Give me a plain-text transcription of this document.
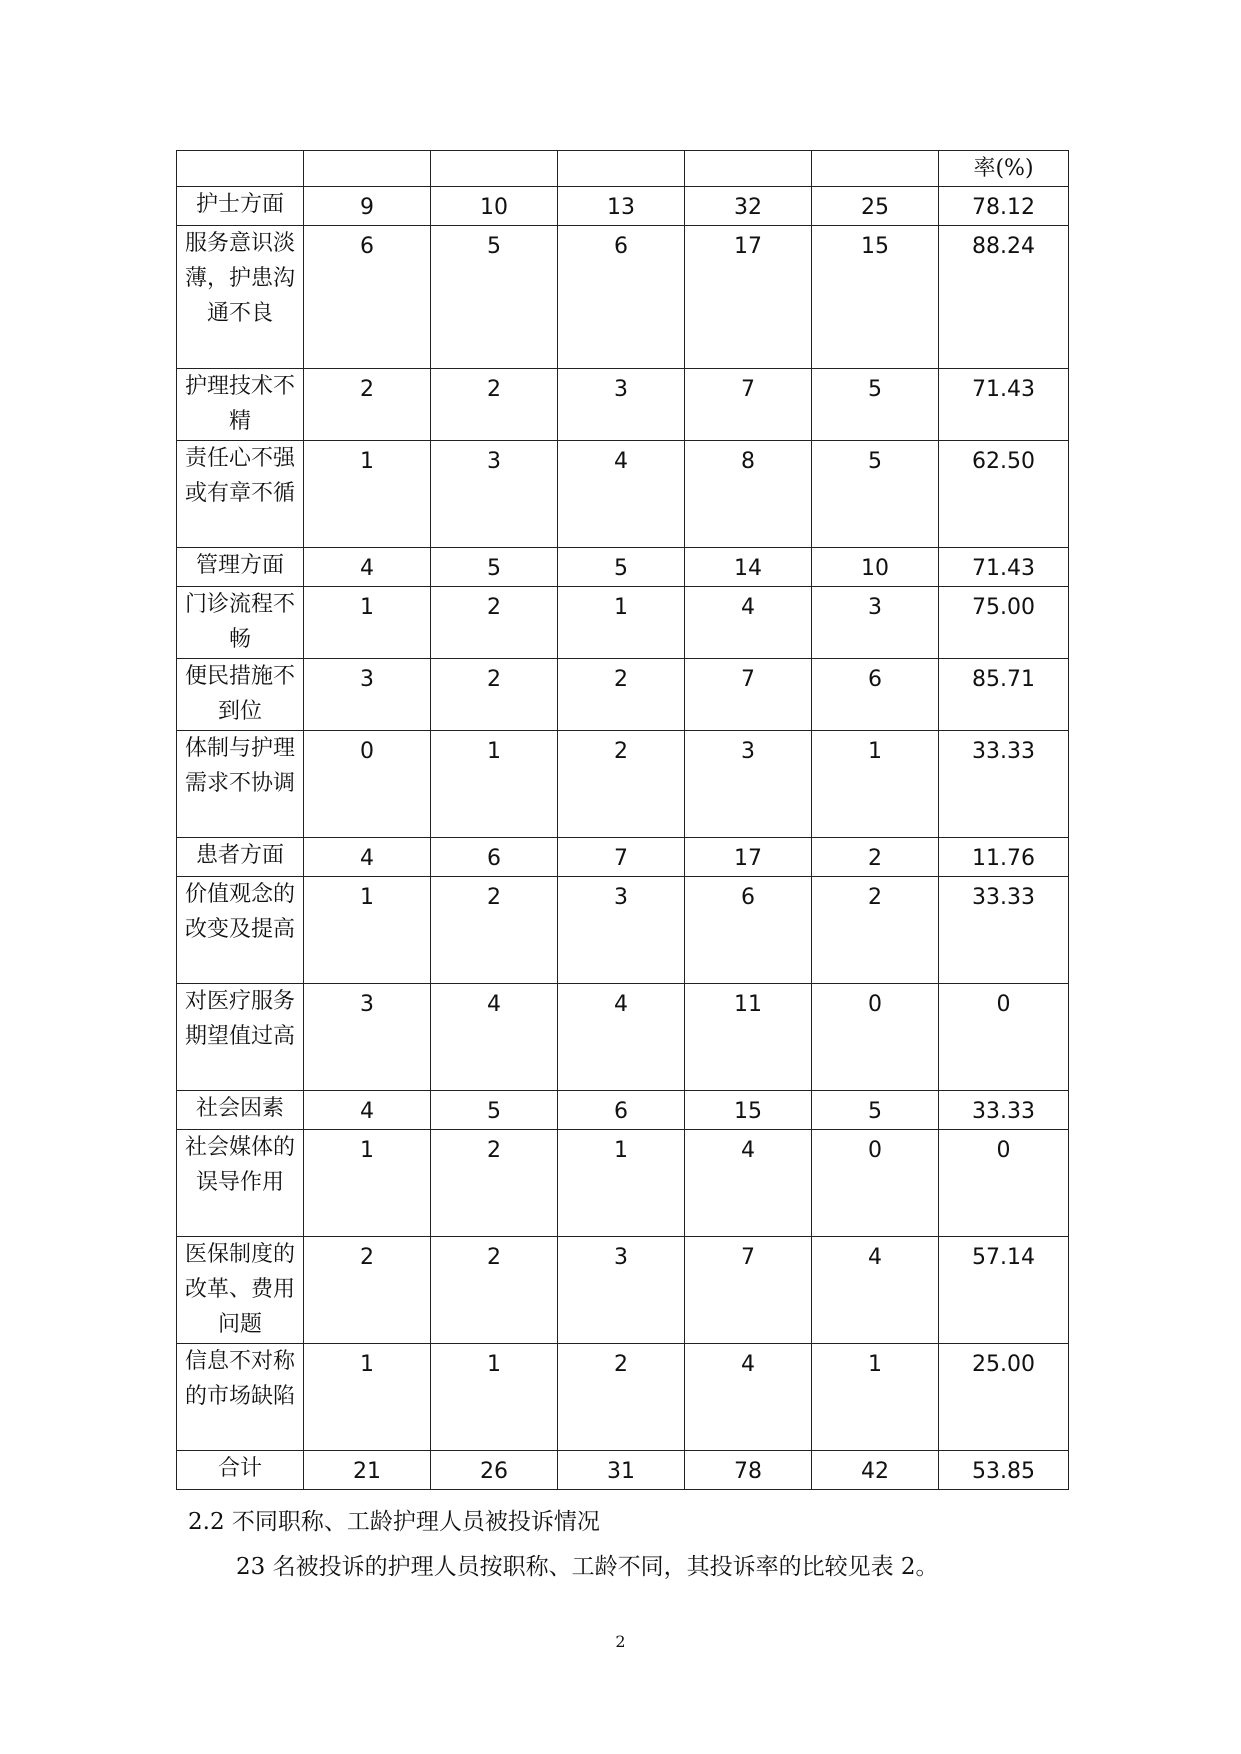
						率(%)
护士方面	9	10	13	32	25	78.12

服务意识淡薄，护患沟通不良	6	5	6	17	15	88.24

护理技术不精	2	2	3	7	5	71.43

责任心不强或有章不循	1	3	4	8	5	62.50

管理方面	4	5	5	14	10	71.43

门诊流程不畅	1	2	1	4	3	75.00

便民措施不到位	3	2	2	7	6	85.71

体制与护理需求不协调	0	1	2	3	1	33.33

患者方面	4	6	7	17	2	11.76

价值观念的改变及提高	1	2	3	6	2	33.33

对医疗服务期望值过高	3	4	4	11	0	0

社会因素	4	5	6	15	5	33.33

社会媒体的误导作用	1	2	1	4	0	0

医保制度的改革、费用问题	2	2	3	7	4	57.14

信息不对称的市场缺陷	1	1	2	4	1	25.00

合计	21	26	31	78	42	53.85
2.2 不同职称、工龄护理人员被投诉情况
23 名被投诉的护理人员按职称、工龄不同，其投诉率的比较见表 2。
2
